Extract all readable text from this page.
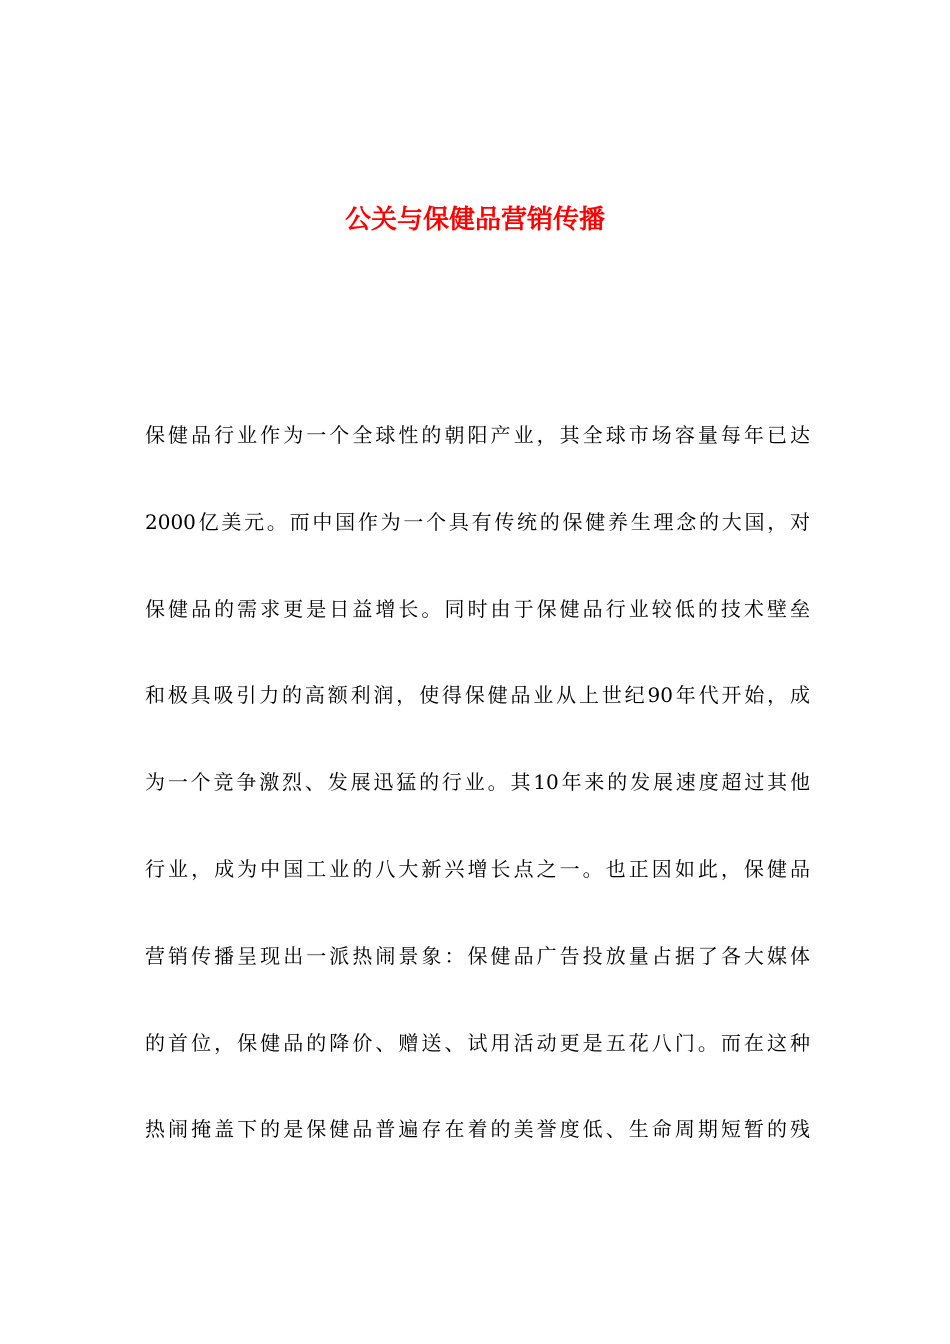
公关与保健品营销传播
保健品行业作为一个全球性的朝阳产业，其全球市场容量每年已达
2000亿美元。而中国作为一个具有传统的保健养生理念的大国，对
保健品的需求更是日益增长。同时由于保健品行业较低的技术壁垒
和极具吸引力的高额利润，使得保健品业从上世纪90年代开始，成
为一个竞争激烈、发展迅猛的行业。其10年来的发展速度超过其他
行业，成为中国工业的八大新兴增长点之一。也正因如此，保健品
营销传播呈现出一派热闹景象：保健品广告投放量占据了各大媒体
的首位，保健品的降价、赠送、试用活动更是五花八门。而在这种
热闹掩盖下的是保健品普遍存在着的美誉度低、生命周期短暂的残
